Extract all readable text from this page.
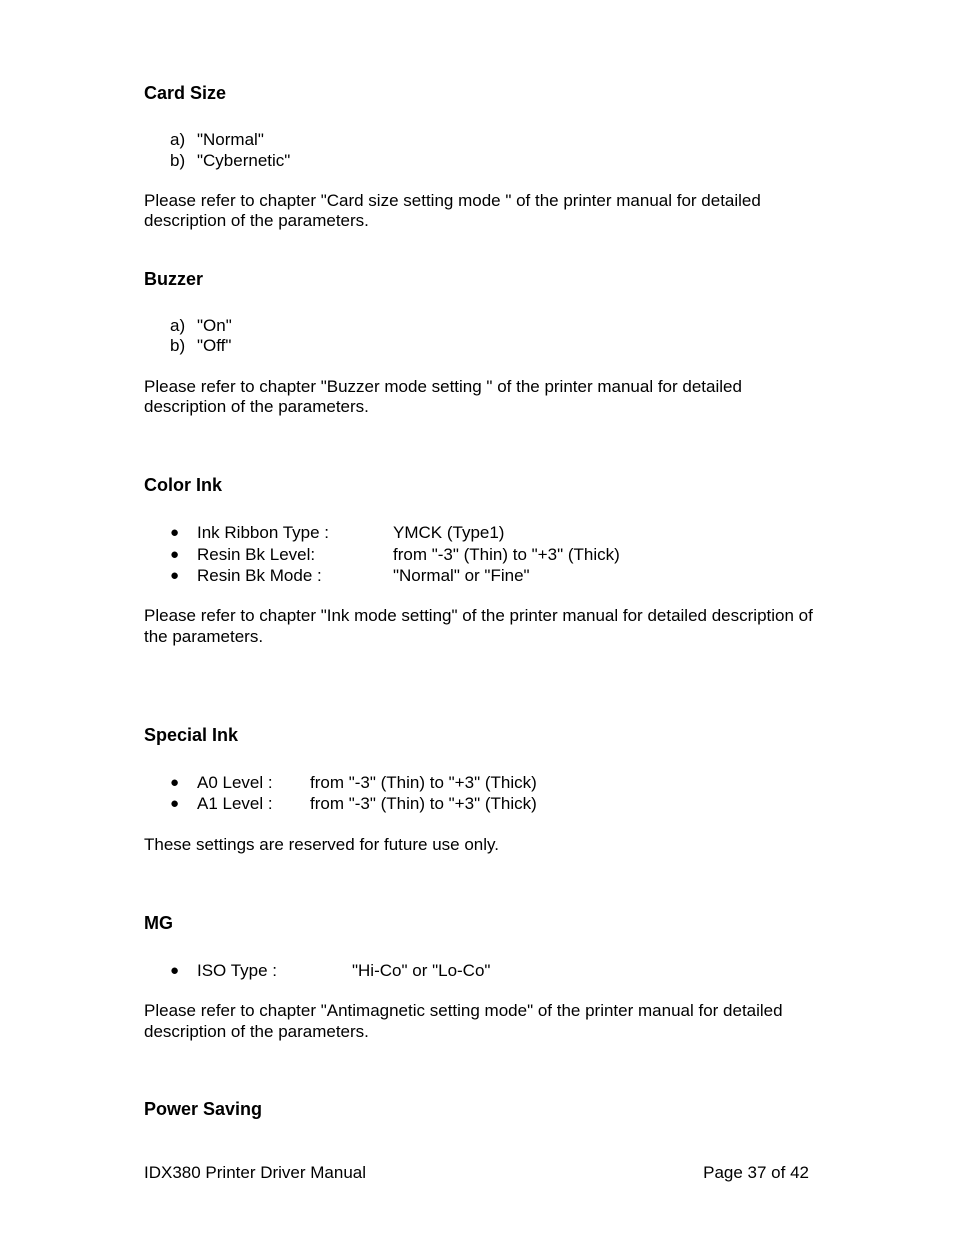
Card Size
a) "Normal"
b) "Cybernetic"
Please refer to chapter "Card size setting mode " of the printer manual for detailed
description of the parameters.
Buzzer
a) "On"
b) "Off"
Please refer to chapter "Buzzer mode setting " of the printer manual for detailed
description of the parameters.
Color Ink
● Ink Ribbon Type :	YMCK (Type1)
● Resin Bk Level:	from "-3" (Thin) to "+3" (Thick)
● Resin Bk Mode :	"Normal" or "Fine"
Please refer to chapter "Ink mode setting" of the printer manual for detailed description of
the parameters.
Special Ink
● A0 Level : from "-3" (Thin) to "+3" (Thick)
● A1 Level : from "-3" (Thin) to "+3" (Thick)
These settings are reserved for future use only.
MG
● ISO Type :	"Hi-Co" or "Lo-Co"
Please refer to chapter "Antimagnetic setting mode" of the printer manual for detailed
description of the parameters.
Power Saving
IDX380 Printer Driver Manual	Page 37 of 42
